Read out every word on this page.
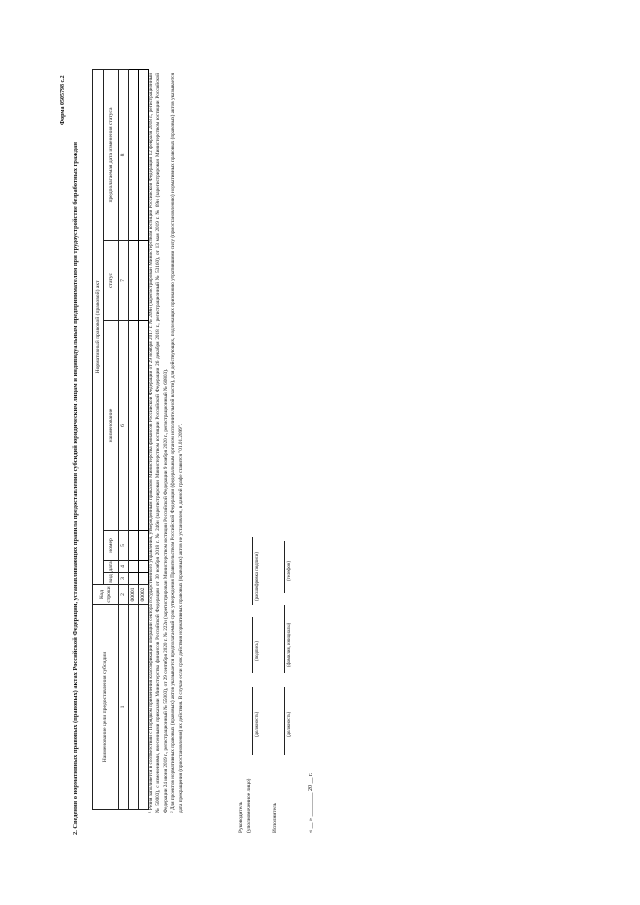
Форма 0505798 с.2
2. Сведения о нормативных правовых (правовых) актах Российской Федерации, устанавливающих правила предоставления субсидий юридическим лицам и индивидуальным предпринимателям при трудоустройстве безработных граждан	Наименование цели предоставления субсидии	Код строки	Нормативный правовой (правовой) акт					
		вид	дата	номер	наименование	статус	предполагаемая дата изменения статуса
1	2	3	4	5	6	7	8
	00001						
	00002						¹ Резня заполняется в соответствии с Порядком применения классификации операций сектора государственного управления, утвержденным приказом Министерства финансов Российской Федерации от 29 ноября 2017 г. № 209н (зарегистрирован Министерством юстиции Российской Федерации 12 февраля 2018 г., регистрационный № 50003), с изменениями, внесенными приказами Министерства финансов Российской Федерации от 30 ноября 2018 г. № 246н (зарегистрирован Министерством юстиции Российской Федерации 26 декабря 2018 г., регистрационный № 53160), от 13 мая 2019 г. № 69н (зарегистрирован Министерством юстиции Российской Федерации 24 июня 2019 г., регистрационный № 55003), от 29 сентября 2020 г. № 222н (зарегистрирован Министерством юстиции Российской Федерации 9 ноября 2020 г., регистрационный № 60803). ² Для проектов нормативных правовых (правовых) актов указывается предполагаемый срок утверждения Правительством Российской Федерации (федеральным органом исполнительной власти), для действующих, подлежащих признанию утратившими силу (приостановлению) нормативных правовых (правовых) актов указывается дата прекращения (приостановления) их действия. В случае если срок действия нормативных правовых (правовых) актов не установлен, в данной графе ставится "01.01.2099".

Руководитель (уполномоченное лицо)
(должность)
(подпись)
(расшифровка подписи)
Исполнитель
(должность)
(фамилия, инициалы)
(телефон)
« __ » ________ 20 __ г.
